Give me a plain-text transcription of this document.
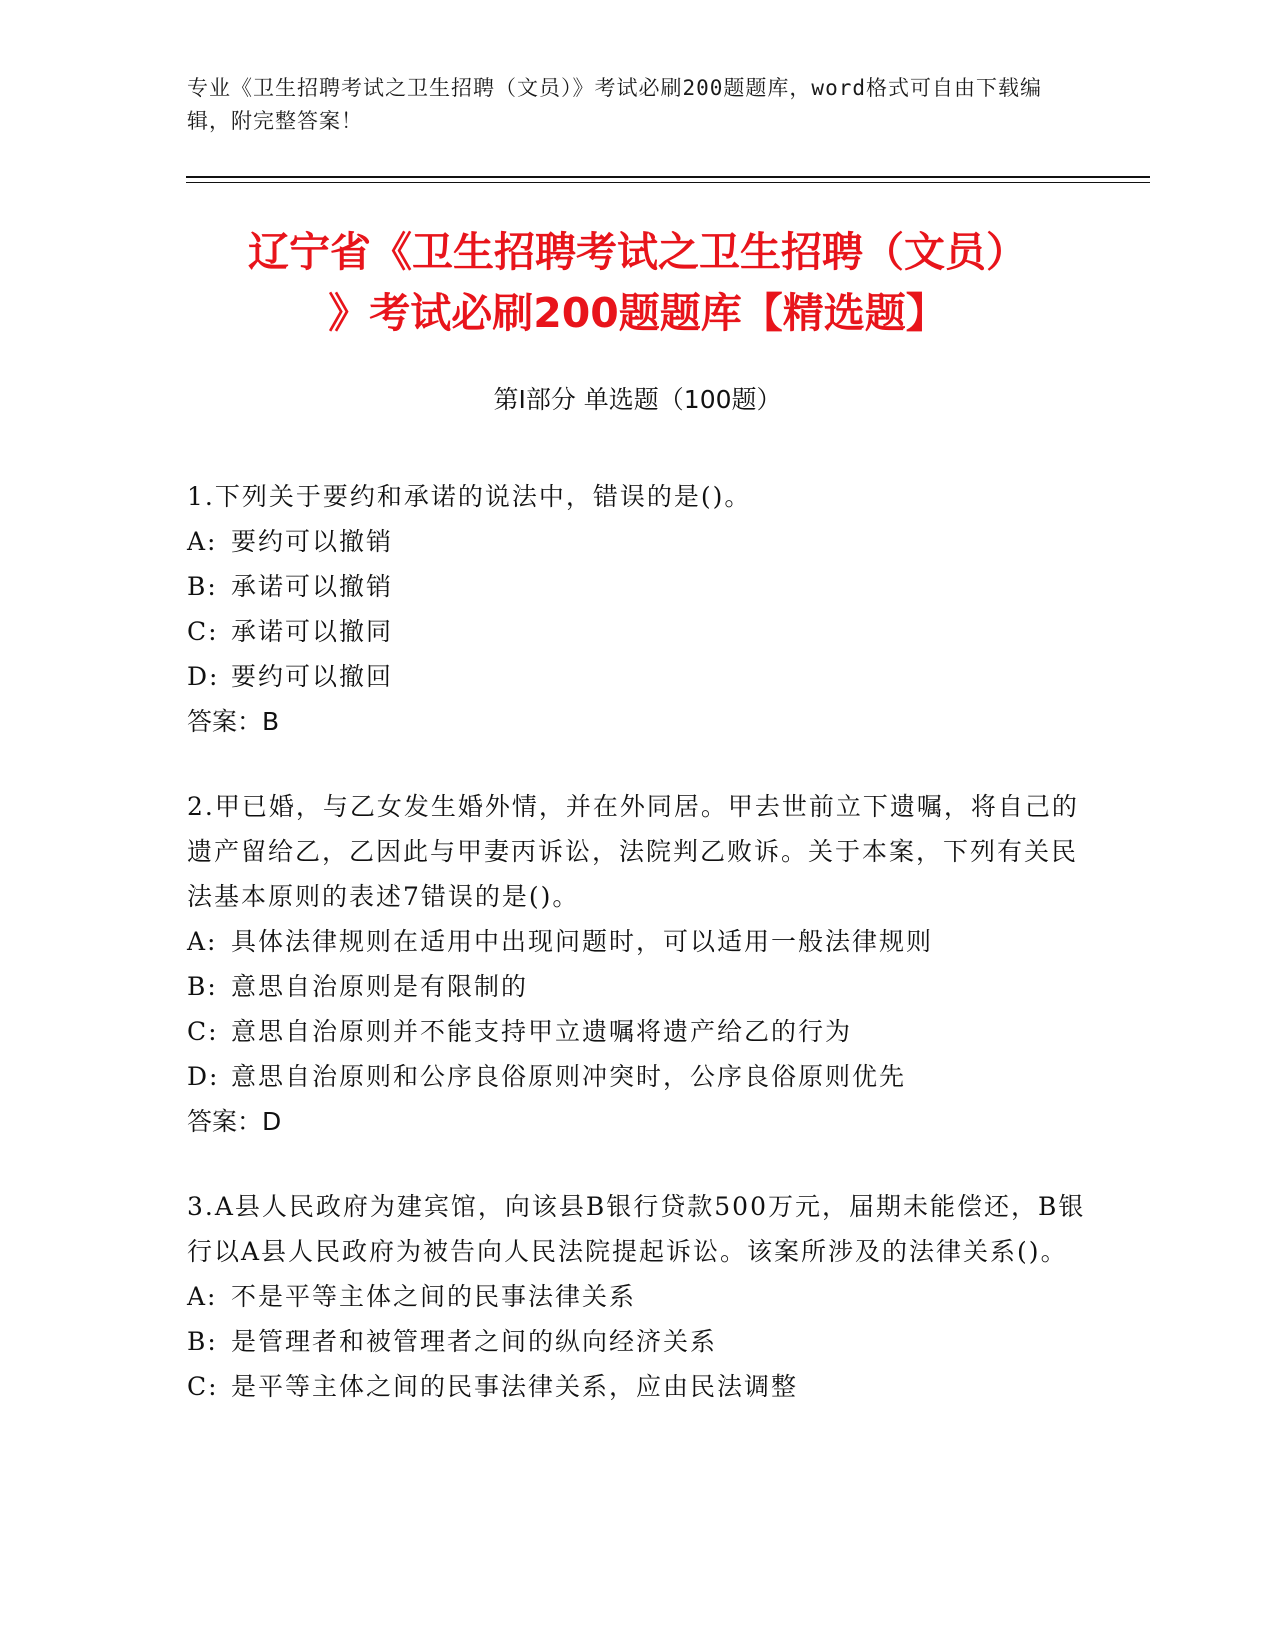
专业《卫生招聘考试之卫生招聘（文员）》考试必刷200题题库，word格式可自由下载编辑，附完整答案！
辽宁省《卫生招聘考试之卫生招聘（文员）
》考试必刷200题题库【精选题】
第I部分 单选题（100题）
1.下列关于要约和承诺的说法中，错误的是()。
A: 要约可以撤销
B: 承诺可以撤销
C: 承诺可以撤同
D: 要约可以撤回
答案：B
2.甲已婚，与乙女发生婚外情，并在外同居。甲去世前立下遗嘱，将自己的遗产留给乙，乙因此与甲妻丙诉讼，法院判乙败诉。关于本案，下列有关民法基本原则的表述7错误的是()。
A: 具体法律规则在适用中出现问题时，可以适用一般法律规则
B: 意思自治原则是有限制的
C: 意思自治原则并不能支持甲立遗嘱将遗产给乙的行为
D: 意思自治原则和公序良俗原则冲突时，公序良俗原则优先
答案：D
3.A县人民政府为建宾馆，向该县B银行贷款500万元，届期未能偿还，B银行以A县人民政府为被告向人民法院提起诉讼。该案所涉及的法律关系()。
A: 不是平等主体之间的民事法律关系
B: 是管理者和被管理者之间的纵向经济关系
C: 是平等主体之间的民事法律关系，应由民法调整
